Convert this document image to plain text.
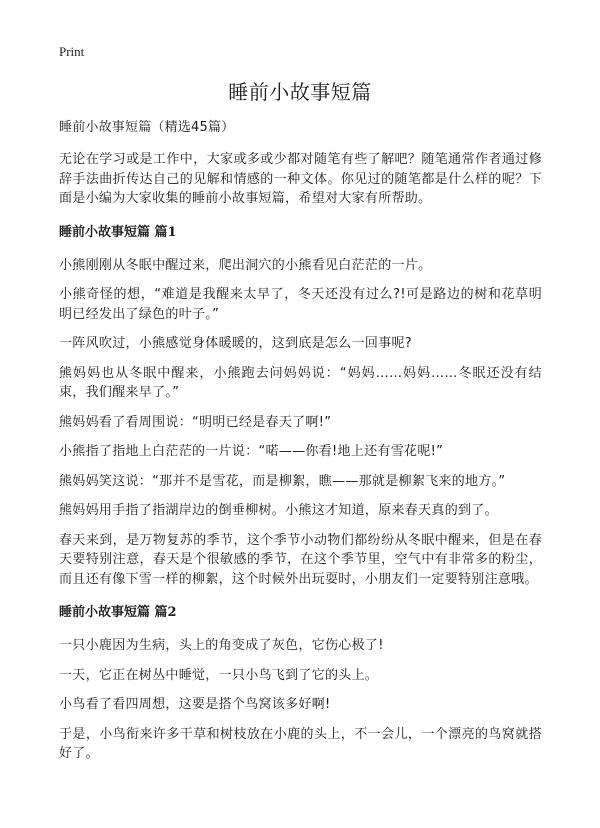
Print
睡前小故事短篇

睡前小故事短篇（精选45篇）

无论在学习或是工作中，大家或多或少都对随笔有些了解吧？随笔通常作者通过修辞手法曲折传达自己的见解和情感的一种文体。你见过的随笔都是什么样的呢？下面是小编为大家收集的睡前小故事短篇，希望对大家有所帮助。

睡前小故事短篇 篇1

小熊刚刚从冬眠中醒过来，爬出洞穴的小熊看见白茫茫的一片。

小熊奇怪的想，“难道是我醒来太早了，冬天还没有过么?!可是路边的树和花草明明已经发出了绿色的叶子。”

一阵风吹过，小熊感觉身体暖暖的，这到底是怎么一回事呢?

熊妈妈也从冬眠中醒来，小熊跑去问妈妈说：“妈妈……妈妈……冬眠还没有结束，我们醒来早了。”

熊妈妈看了看周围说：“明明已经是春天了啊!”

小熊指了指地上白茫茫的一片说：“喏——你看!地上还有雪花呢!”

熊妈妈笑这说：“那并不是雪花，而是柳絮，瞧——那就是柳絮飞来的地方。”

熊妈妈用手指了指湖岸边的倒垂柳树。小熊这才知道，原来春天真的到了。

春天来到，是万物复苏的季节，这个季节小动物们都纷纷从冬眠中醒来，但是在春天要特别注意，春天是个很敏感的季节，在这个季节里，空气中有非常多的粉尘，而且还有像下雪一样的柳絮，这个时候外出玩耍时，小朋友们一定要特别注意哦。

睡前小故事短篇 篇2

一只小鹿因为生病，头上的角变成了灰色，它伤心极了!

一天，它正在树丛中睡觉，一只小鸟飞到了它的头上。

小鸟看了看四周想，这要是搭个鸟窝该多好啊!

于是，小鸟衔来许多干草和树枝放在小鹿的头上，不一会儿，一个漂亮的鸟窝就搭好了。
